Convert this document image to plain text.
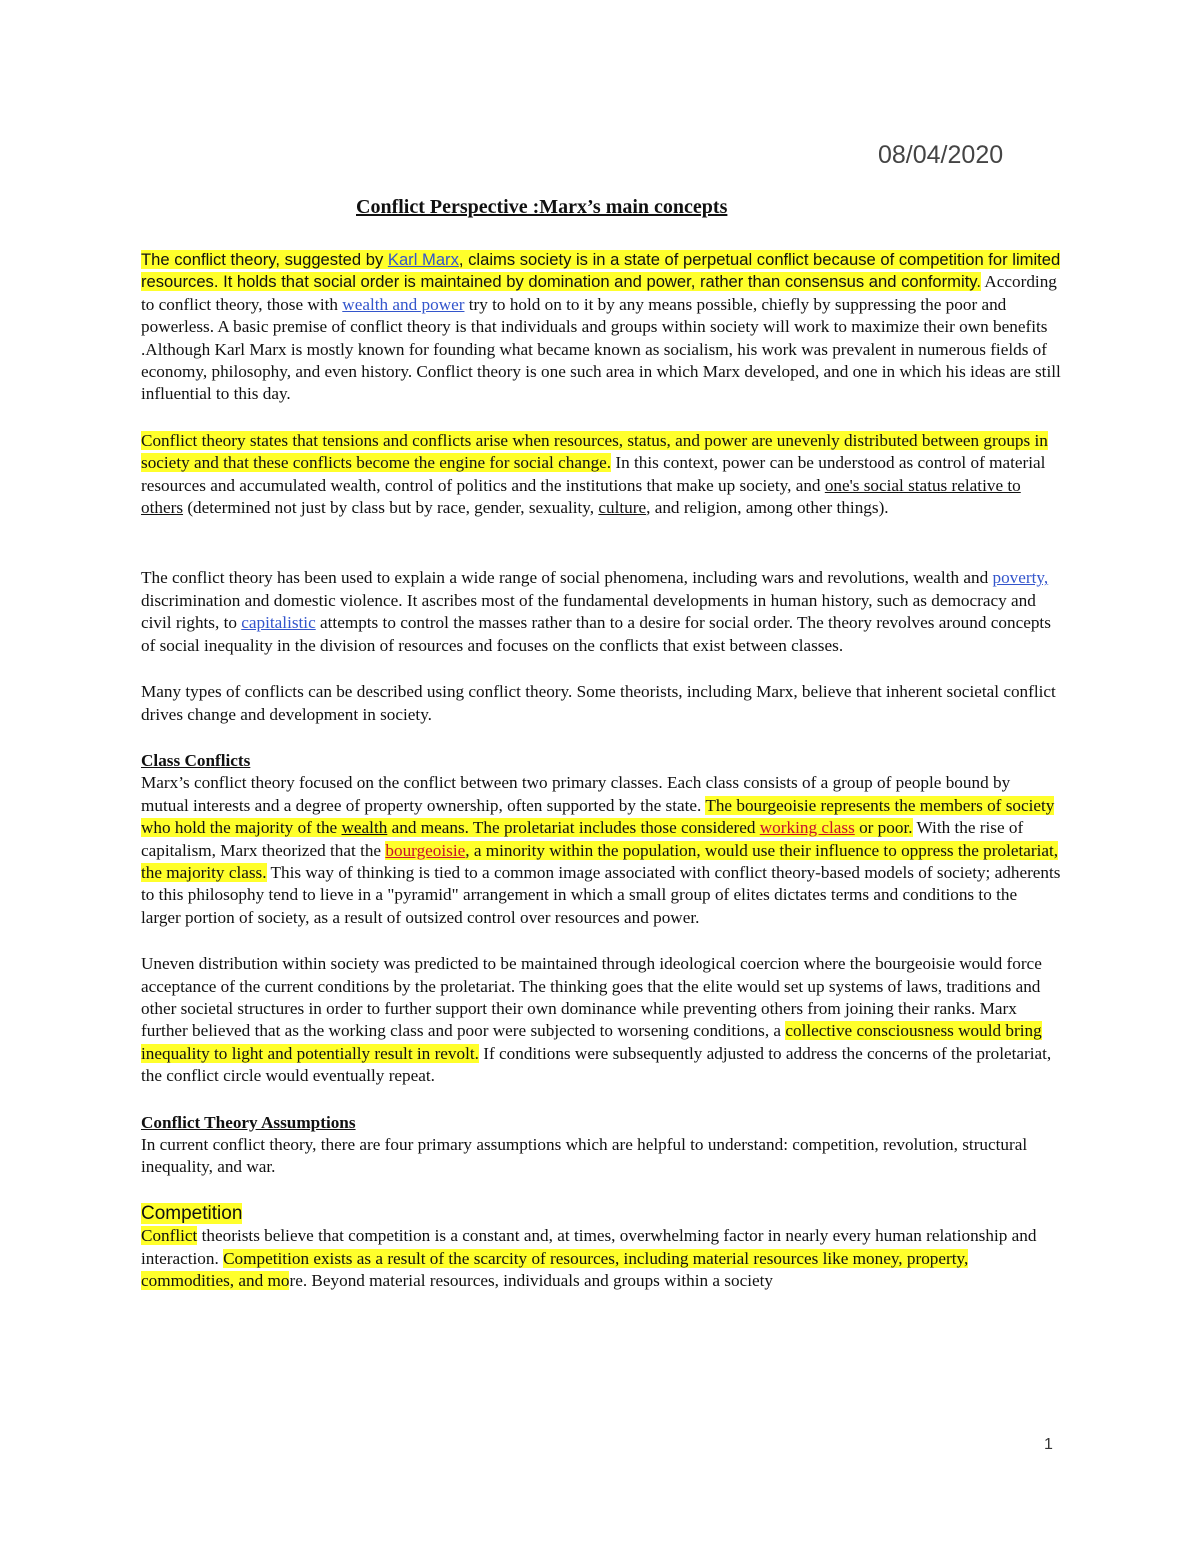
08/04/2020
Conflict Perspective :Marx’s main concepts

The conflict theory, suggested by Karl Marx, claims society is in a state of perpetual conflict because of competition for limited resources. It holds that social order is maintained by domination and power, rather than consensus and conformity. According to conflict theory, those with wealth and power try to hold on to it by any means possible, chiefly by suppressing the poor and powerless. A basic premise of conflict theory is that individuals and groups within society will work to maximize their own benefits .Although Karl Marx is mostly known for founding what became known as socialism, his work was prevalent in numerous fields of economy, philosophy, and even history. Conflict theory is one such area in which Marx developed, and one in which his ideas are still influential to this day.

Conflict theory states that tensions and conflicts arise when resources, status, and power are unevenly distributed between groups in society and that these conflicts become the engine for social change. In this context, power can be understood as control of material resources and accumulated wealth, control of politics and the institutions that make up society, and one's social status relative to others (determined not just by class but by race, gender, sexuality, culture, and religion, among other things).

The conflict theory has been used to explain a wide range of social phenomena, including wars and revolutions, wealth and poverty, discrimination and domestic violence. It ascribes most of the fundamental developments in human history, such as democracy and civil rights, to capitalistic attempts to control the masses rather than to a desire for social order. The theory revolves around concepts of social inequality in the division of resources and focuses on the conflicts that exist between classes.

Many types of conflicts can be described using conflict theory. Some theorists, including Marx, believe that inherent societal conflict drives change and development in society.

Class Conflicts

Marx’s conflict theory focused on the conflict between two primary classes. Each class consists of a group of people bound by mutual interests and a degree of property ownership, often supported by the state. The bourgeoisie represents the members of society who hold the majority of the wealth and means. The proletariat includes those considered working class or poor. With the rise of capitalism, Marx theorized that the bourgeoisie, a minority within the population, would use their influence to oppress the proletariat, the majority class. This way of thinking is tied to a common image associated with conflict theory-based models of society; adherents to this philosophy tend to lieve in a "pyramid" arrangement in which a small group of elites dictates terms and conditions to the larger portion of society, as a result of outsized control over resources and power.

Uneven distribution within society was predicted to be maintained through ideological coercion where the bourgeoisie would force acceptance of the current conditions by the proletariat. The thinking goes that the elite would set up systems of laws, traditions and other societal structures in order to further support their own dominance while preventing others from joining their ranks. Marx further believed that as the working class and poor were subjected to worsening conditions, a collective consciousness would bring inequality to light and potentially result in revolt. If conditions were subsequently adjusted to address the concerns of the proletariat, the conflict circle would eventually repeat.

Conflict Theory Assumptions

In current conflict theory, there are four primary assumptions which are helpful to understand: competition, revolution, structural inequality, and war.

Competition

Conflict theorists believe that competition is a constant and, at times, overwhelming factor in nearly every human relationship and interaction. Competition exists as a result of the scarcity of resources, including material resources like money, property, commodities, and more. Beyond material resources, individuals and groups within a society

1
